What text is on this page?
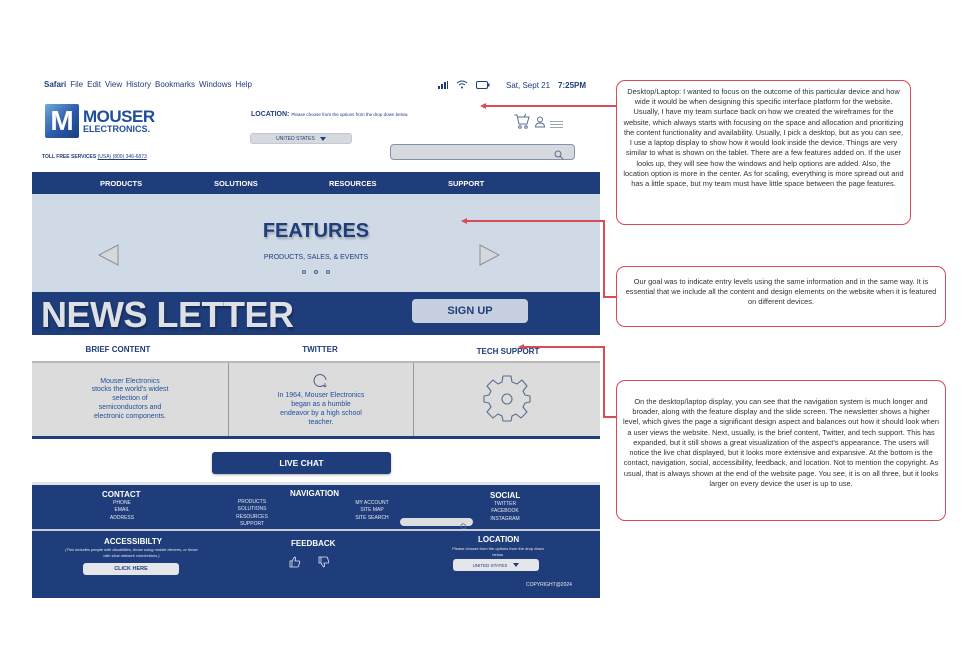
Safari File Edit View History Bookmarks Windows Help	Sat, Sept 21 7:25PM
M MOUSER
ELECTRONICS.
TOLL FREE SERVICES (USA) (800) 346-6873
LOCATION: Please choose from the options from the drop down below.
UNITED STATES
PRODUCTS	SOLUTIONS	RESOURCES	SUPPORT
FEATURES
PRODUCTS, SALES, & EVENTS
NEWS LETTER	SIGN UP
BRIEF CONTENT	TWITTER	TECH SUPPORT
Mouser Electronics stocks the world's widest selection of semiconductors and electronic components.
In 1964, Mouser Electronics began as a humble endeavor by a high school teacher.
LIVE CHAT
CONTACT
PHONE
EMAIL
ADDRESS
PRODUCTS
SOLUTIONS
RESOURCES
SUPPORT
NAVIGATION
MY ACCOUNT
SITE MAP
SITE SEARCH
SOCIAL
TWITTER
FACEBOOK
INSTAGRAM
ACCESSIBILTY
(This includes people with disabilities, those using mobile devices, or those with slow network connections.)
CLICK HERE
FEEDBACK	LOCATION
Please choose from the options from the drop down below.
UNITED STATES
COPYRIGHT@2024
Desktop/Laptop: I wanted to focus on the outcome of this particular device and how wide it would be when designing this specific interface platform for the website. Usually, I have my team surface back on how we created the wireframes for the website, which always starts with focusing on the space and allocation and prioritizing the content functionality and availability. Usually, I pick a desktop, but as you can see, I use a laptop display to show how it would look inside the device. Things are very similar to what is shown on the tablet. There are a few features added on. If the user looks up, they will see how the windows and help options are added. Also, the location option is more in the center. As for scaling, everything is more spread out and has a little space, but my team must have little space between the page features.
Our goal was to indicate entry levels using the same information and in the same way. It is essential that we include all the content and design elements on the website when it is featured on different devices.
On the desktop/laptop display, you can see that the navigation system is much longer and broader, along with the feature display and the slide screen. The newsletter shows a higher level, which gives the page a significant design aspect and balances out how it should look when a user views the website. Next, usually, is the brief content, Twitter, and tech support. This has expanded, but it still shows a great visualization of the aspect's appearance. The users will notice the live chat displayed, but it looks more extensive and expansive. At the bottom is the contact, navigation, social, accessibility, feedback, and location. Not to mention the copyright. As usual, that is always shown at the end of the website page. You see, it is on all three, but it looks larger on every device the user is up to use.
